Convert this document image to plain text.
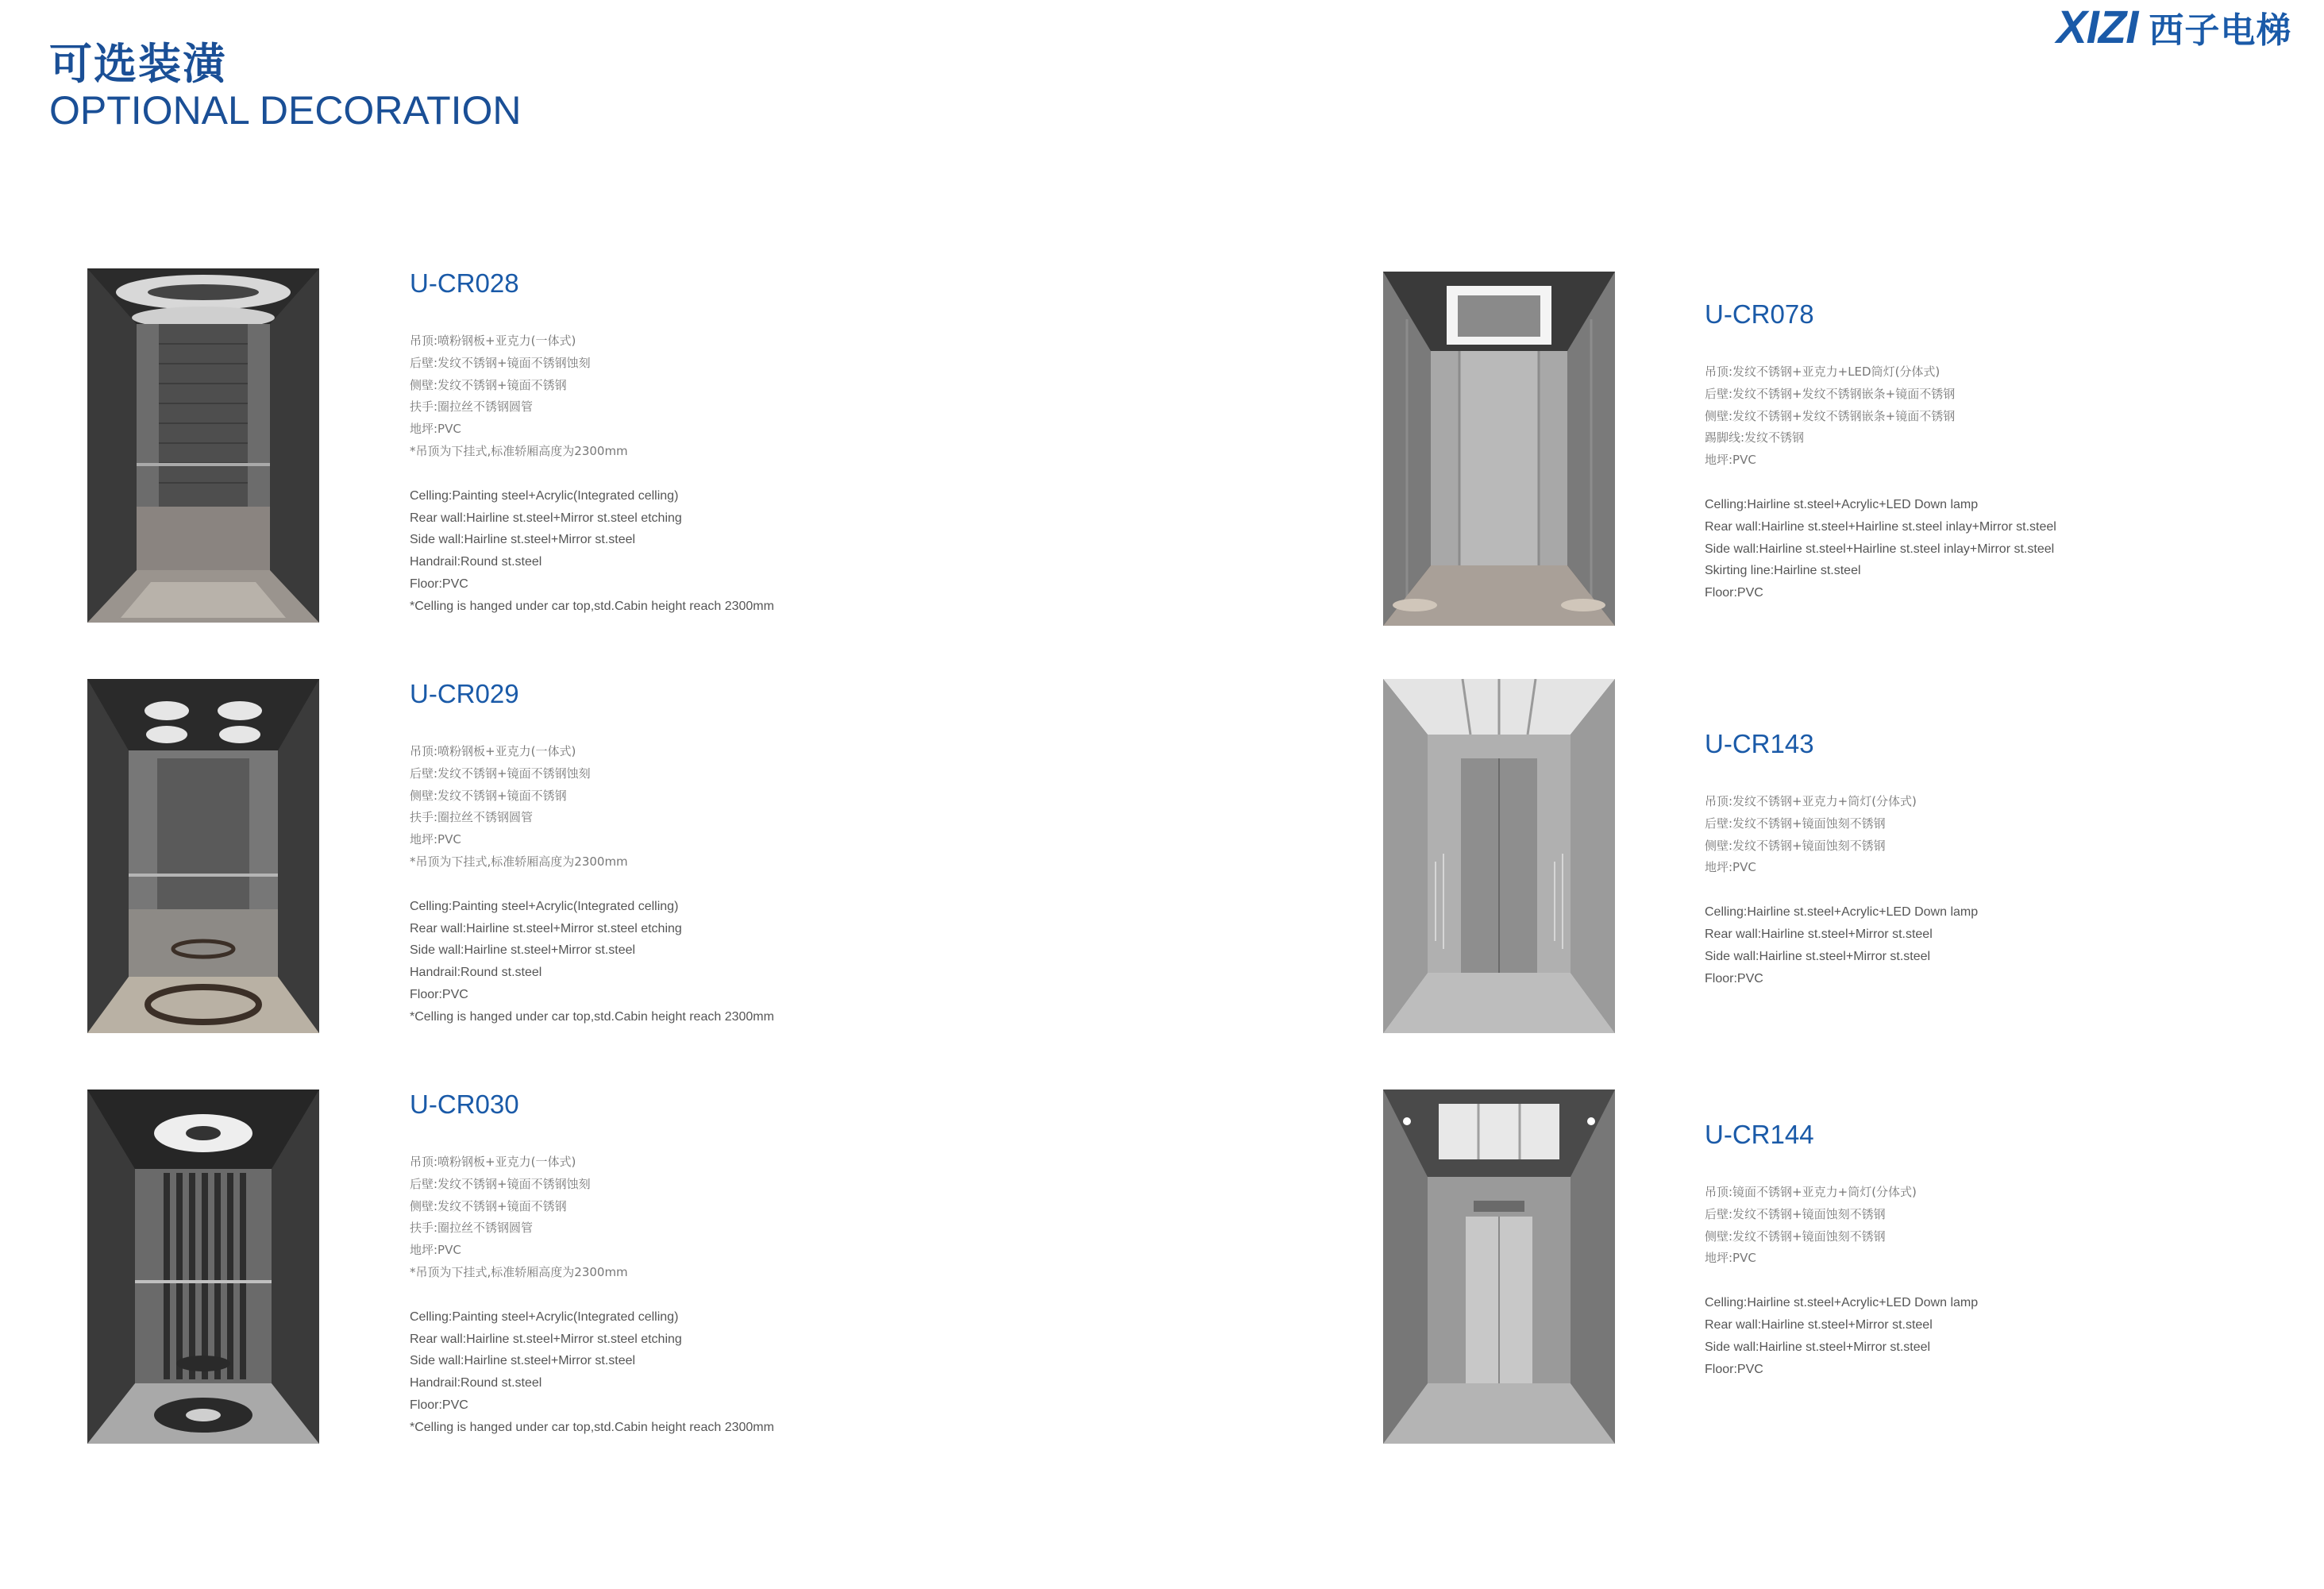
可选装潢
OPTIONAL DECORATION
XIZI 西子电梯
U-CR028
吊顶:喷粉钢板+亚克力(一体式)
后壁:发纹不锈钢+镜面不锈钢蚀刻
侧壁:发纹不锈钢+镜面不锈钢
扶手:圈拉丝不锈钢圆管
地坪:PVC
*吊顶为下挂式,标准轿厢高度为2300mm
Celling:Painting steel+Acrylic(Integrated celling)
Rear wall:Hairline st.steel+Mirror st.steel etching
Side wall:Hairline st.steel+Mirror st.steel
Handrail:Round st.steel
Floor:PVC
*Celling is hanged under car top,std.Cabin height reach 2300mm
U-CR029
吊顶:喷粉钢板+亚克力(一体式)
后壁:发纹不锈钢+镜面不锈钢蚀刻
侧壁:发纹不锈钢+镜面不锈钢
扶手:圈拉丝不锈钢圆管
地坪:PVC
*吊顶为下挂式,标准轿厢高度为2300mm
Celling:Painting steel+Acrylic(Integrated celling)
Rear wall:Hairline st.steel+Mirror st.steel etching
Side wall:Hairline st.steel+Mirror st.steel
Handrail:Round st.steel
Floor:PVC
*Celling is hanged under car top,std.Cabin height reach 2300mm
U-CR030
吊顶:喷粉钢板+亚克力(一体式)
后壁:发纹不锈钢+镜面不锈钢蚀刻
侧壁:发纹不锈钢+镜面不锈钢
扶手:圈拉丝不锈钢圆管
地坪:PVC
*吊顶为下挂式,标准轿厢高度为2300mm
Celling:Painting steel+Acrylic(Integrated celling)
Rear wall:Hairline st.steel+Mirror st.steel etching
Side wall:Hairline st.steel+Mirror st.steel
Handrail:Round st.steel
Floor:PVC
*Celling is hanged under car top,std.Cabin height reach 2300mm
U-CR078
吊顶:发纹不锈钢+亚克力+LED筒灯(分体式)
后壁:发纹不锈钢+发纹不锈钢嵌条+镜面不锈钢
侧壁:发纹不锈钢+发纹不锈钢嵌条+镜面不锈钢
踢脚线:发纹不锈钢
地坪:PVC
Celling:Hairline st.steel+Acrylic+LED Down lamp
Rear wall:Hairline st.steel+Hairline st.steel inlay+Mirror st.steel
Side wall:Hairline st.steel+Hairline st.steel inlay+Mirror st.steel
Skirting line:Hairline st.steel
Floor:PVC
U-CR143
吊顶:发纹不锈钢+亚克力+筒灯(分体式)
后壁:发纹不锈钢+镜面蚀刻不锈钢
侧壁:发纹不锈钢+镜面蚀刻不锈钢
地坪:PVC
Celling:Hairline st.steel+Acrylic+LED Down lamp
Rear wall:Hairline st.steel+Mirror st.steel
Side wall:Hairline st.steel+Mirror st.steel
Floor:PVC
U-CR144
吊顶:镜面不锈钢+亚克力+筒灯(分体式)
后壁:发纹不锈钢+镜面蚀刻不锈钢
侧壁:发纹不锈钢+镜面蚀刻不锈钢
地坪:PVC
Celling:Hairline st.steel+Acrylic+LED Down lamp
Rear wall:Hairline st.steel+Mirror st.steel
Side wall:Hairline st.steel+Mirror st.steel
Floor:PVC
